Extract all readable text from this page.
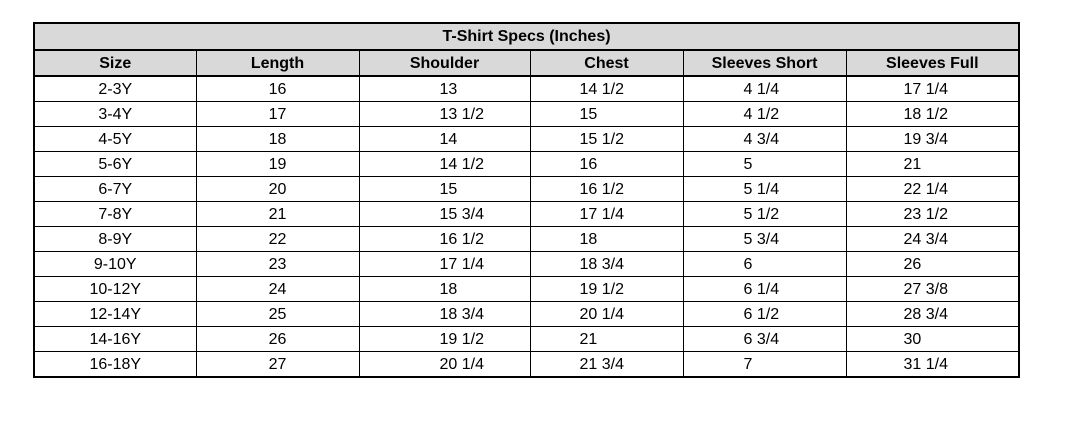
T-Shirt Specs (Inches)					
Size	Length	Shoulder	Chest	Sleeves Short	Sleeves Full
2-3Y	16	13	14 1/2	4 1/4	17 1/4
3-4Y	17	13 1/2	15	4 1/2	18 1/2
4-5Y	18	14	15 1/2	4 3/4	19 3/4
5-6Y	19	14 1/2	16	5	21
6-7Y	20	15	16 1/2	5 1/4	22 1/4
7-8Y	21	15 3/4	17 1/4	5 1/2	23 1/2
8-9Y	22	16 1/2	18	5 3/4	24 3/4
9-10Y	23	17 1/4	18 3/4	6	26
10-12Y	24	18	19 1/2	6 1/4	27 3/8
12-14Y	25	18 3/4	20 1/4	6 1/2	28 3/4
14-16Y	26	19 1/2	21	6 3/4	30
16-18Y	27	20 1/4	21 3/4	7	31 1/4
